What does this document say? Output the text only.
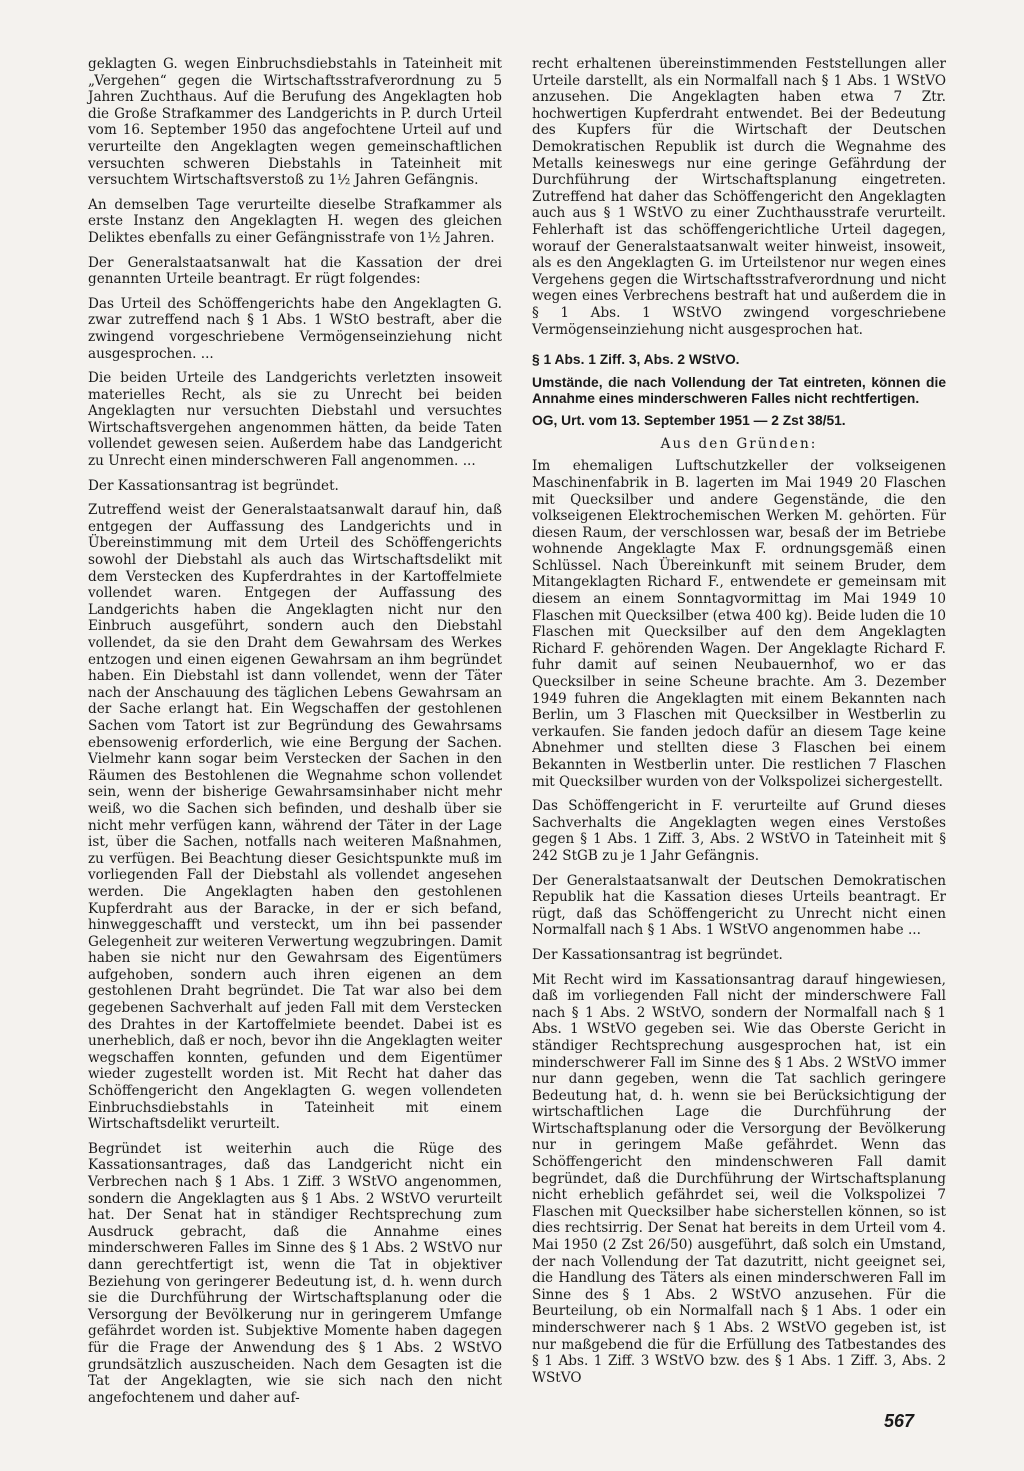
geklagten G. wegen Einbruchsdiebstahls in Tateinheit mit „Vergehen“ gegen die Wirtschaftsstrafverordnung zu 5 Jahren Zuchthaus. Auf die Berufung des Angeklagten hob die Große Strafkammer des Landgerichts in P. durch Urteil vom 16. September 1950 das angefochtene Urteil auf und verurteilte den Angeklagten wegen gemeinschaftlichen versuchten schweren Diebstahls in Tateinheit mit versuchtem Wirtschaftsverstoß zu 1½ Jahren Gefängnis.

An demselben Tage verurteilte dieselbe Strafkammer als erste Instanz den Angeklagten H. wegen des gleichen Deliktes ebenfalls zu einer Gefängnisstrafe von 1½ Jahren.

Der Generalstaatsanwalt hat die Kassation der drei genannten Urteile beantragt. Er rügt folgendes:

Das Urteil des Schöffengerichts habe den Angeklagten G. zwar zutreffend nach § 1 Abs. 1 WStO bestraft, aber die zwingend vorgeschriebene Vermögenseinziehung nicht ausgesprochen. ...

Die beiden Urteile des Landgerichts verletzten insoweit materielles Recht, als sie zu Unrecht bei beiden Angeklagten nur versuchten Diebstahl und versuchtes Wirtschaftsvergehen angenommen hätten, da beide Taten vollendet gewesen seien. Außerdem habe das Landgericht zu Unrecht einen minderschweren Fall angenommen. ...

Der Kassationsantrag ist begründet.

Zutreffend weist der Generalstaatsanwalt darauf hin, daß entgegen der Auffassung des Landgerichts und in Übereinstimmung mit dem Urteil des Schöffengerichts sowohl der Diebstahl als auch das Wirtschaftsdelikt mit dem Verstecken des Kupferdrahtes in der Kartoffelmiete vollendet waren. Entgegen der Auffassung des Landgerichts haben die Angeklagten nicht nur den Einbruch ausgeführt, sondern auch den Diebstahl vollendet, da sie den Draht dem Gewahrsam des Werkes entzogen und einen eigenen Gewahrsam an ihm begründet haben. Ein Diebstahl ist dann vollendet, wenn der Täter nach der Anschauung des täglichen Lebens Gewahrsam an der Sache erlangt hat. Ein Wegschaffen der gestohlenen Sachen vom Tatort ist zur Begründung des Gewahrsams ebensowenig erforderlich, wie eine Bergung der Sachen. Vielmehr kann sogar beim Verstecken der Sachen in den Räumen des Bestohlenen die Wegnahme schon vollendet sein, wenn der bisherige Gewahrsamsinhaber nicht mehr weiß, wo die Sachen sich befinden, und deshalb über sie nicht mehr verfügen kann, während der Täter in der Lage ist, über die Sachen, notfalls nach weiteren Maßnahmen, zu verfügen. Bei Beachtung dieser Gesichtspunkte muß im vorliegenden Fall der Diebstahl als vollendet angesehen werden. Die Angeklagten haben den gestohlenen Kupferdraht aus der Baracke, in der er sich befand, hinweggeschafft und versteckt, um ihn bei passender Gelegenheit zur weiteren Verwertung wegzubringen. Damit haben sie nicht nur den Gewahrsam des Eigentümers aufgehoben, sondern auch ihren eigenen an dem gestohlenen Draht begründet. Die Tat war also bei dem gegebenen Sachverhalt auf jeden Fall mit dem Verstecken des Drahtes in der Kartoffelmiete beendet. Dabei ist es unerheblich, daß er noch, bevor ihn die Angeklagten weiter wegschaffen konnten, gefunden und dem Eigentümer wieder zugestellt worden ist. Mit Recht hat daher das Schöffengericht den Angeklagten G. wegen vollendeten Einbruchsdiebstahls in Tateinheit mit einem Wirtschaftsdelikt verurteilt.

Begründet ist weiterhin auch die Rüge des Kassationsantrages, daß das Landgericht nicht ein Verbrechen nach § 1 Abs. 1 Ziff. 3 WStVO angenommen, sondern die Angeklagten aus § 1 Abs. 2 WStVO verurteilt hat. Der Senat hat in ständiger Rechtsprechung zum Ausdruck gebracht, daß die Annahme eines minderschweren Falles im Sinne des § 1 Abs. 2 WStVO nur dann gerechtfertigt ist, wenn die Tat in objektiver Beziehung von geringerer Bedeutung ist, d. h. wenn durch sie die Durchführung der Wirtschaftsplanung oder die Versorgung der Bevölkerung nur in geringerem Umfange gefährdet worden ist. Subjektive Momente haben dagegen für die Frage der Anwendung des § 1 Abs. 2 WStVO grundsätzlich auszuscheiden. Nach dem Gesagten ist die Tat der Angeklagten, wie sie sich nach den nicht angefochtenem und daher auf-

recht erhaltenen übereinstimmenden Feststellungen aller Urteile darstellt, als ein Normalfall nach § 1 Abs. 1 WStVO anzusehen. Die Angeklagten haben etwa 7 Ztr. hochwertigen Kupferdraht entwendet. Bei der Bedeutung des Kupfers für die Wirtschaft der Deutschen Demokratischen Republik ist durch die Wegnahme des Metalls keineswegs nur eine geringe Gefährdung der Durchführung der Wirtschaftsplanung eingetreten. Zutreffend hat daher das Schöffengericht den Angeklagten auch aus § 1 WStVO zu einer Zuchthausstrafe verurteilt. Fehlerhaft ist das schöffengerichtliche Urteil dagegen, worauf der Generalstaatsanwalt weiter hinweist, insoweit, als es den Angeklagten G. im Urteilstenor nur wegen eines Vergehens gegen die Wirtschaftsstrafverordnung und nicht wegen eines Verbrechens bestraft hat und außerdem die in § 1 Abs. 1 WStVO zwingend vorgeschriebene Vermögenseinziehung nicht ausgesprochen hat.

§ 1 Abs. 1 Ziff. 3, Abs. 2 WStVO.
Umstände, die nach Vollendung der Tat eintreten, können die Annahme eines minderschweren Falles nicht rechtfertigen.
OG, Urt. vom 13. September 1951 — 2 Zst 38/51.
Aus den Gründen:

Im ehemaligen Luftschutzkeller der volkseigenen Maschinenfabrik in B. lagerten im Mai 1949 20 Flaschen mit Quecksilber und andere Gegenstände, die den volkseigenen Elektrochemischen Werken M. gehörten. Für diesen Raum, der verschlossen war, besaß der im Betriebe wohnende Angeklagte Max F. ordnungsgemäß einen Schlüssel. Nach Übereinkunft mit seinem Bruder, dem Mitangeklagten Richard F., entwendete er gemeinsam mit diesem an einem Sonntagvormittag im Mai 1949 10 Flaschen mit Quecksilber (etwa 400 kg). Beide luden die 10 Flaschen mit Quecksilber auf den dem Angeklagten Richard F. gehörenden Wagen. Der Angeklagte Richard F. fuhr damit auf seinen Neubauernhof, wo er das Quecksilber in seine Scheune brachte. Am 3. Dezember 1949 fuhren die Angeklagten mit einem Bekannten nach Berlin, um 3 Flaschen mit Quecksilber in Westberlin zu verkaufen. Sie fanden jedoch dafür an diesem Tage keine Abnehmer und stellten diese 3 Flaschen bei einem Bekannten in Westberlin unter. Die restlichen 7 Flaschen mit Quecksilber wurden von der Volkspolizei sichergestellt.

Das Schöffengericht in F. verurteilte auf Grund dieses Sachverhalts die Angeklagten wegen eines Verstoßes gegen § 1 Abs. 1 Ziff. 3, Abs. 2 WStVO in Tateinheit mit § 242 StGB zu je 1 Jahr Gefängnis.

Der Generalstaatsanwalt der Deutschen Demokratischen Republik hat die Kassation dieses Urteils beantragt. Er rügt, daß das Schöffengericht zu Unrecht nicht einen Normalfall nach § 1 Abs. 1 WStVO angenommen habe ...

Der Kassationsantrag ist begründet.

Mit Recht wird im Kassationsantrag darauf hingewiesen, daß im vorliegenden Fall nicht der minderschwere Fall nach § 1 Abs. 2 WStVO, sondern der Normalfall nach § 1 Abs. 1 WStVO gegeben sei. Wie das Oberste Gericht in ständiger Rechtsprechung ausgesprochen hat, ist ein minderschwerer Fall im Sinne des § 1 Abs. 2 WStVO immer nur dann gegeben, wenn die Tat sachlich geringere Bedeutung hat, d. h. wenn sie bei Berücksichtigung der wirtschaftlichen Lage die Durchführung der Wirtschaftsplanung oder die Versorgung der Bevölkerung nur in geringem Maße gefährdet. Wenn das Schöffengericht den mindenschweren Fall damit begründet, daß die Durchführung der Wirtschaftsplanung nicht erheblich gefährdet sei, weil die Volkspolizei 7 Flaschen mit Quecksilber habe sicherstellen können, so ist dies rechtsirrig. Der Senat hat bereits in dem Urteil vom 4. Mai 1950 (2 Zst 26/50) ausgeführt, daß solch ein Umstand, der nach Vollendung der Tat dazutritt, nicht geeignet sei, die Handlung des Täters als einen minderschweren Fall im Sinne des § 1 Abs. 2 WStVO anzusehen. Für die Beurteilung, ob ein Normalfall nach § 1 Abs. 1 oder ein minderschwerer nach § 1 Abs. 2 WStVO gegeben ist, ist nur maßgebend die für die Erfüllung des Tatbestandes des § 1 Abs. 1 Ziff. 3 WStVO bzw. des § 1 Abs. 1 Ziff. 3, Abs. 2 WStVO

567
